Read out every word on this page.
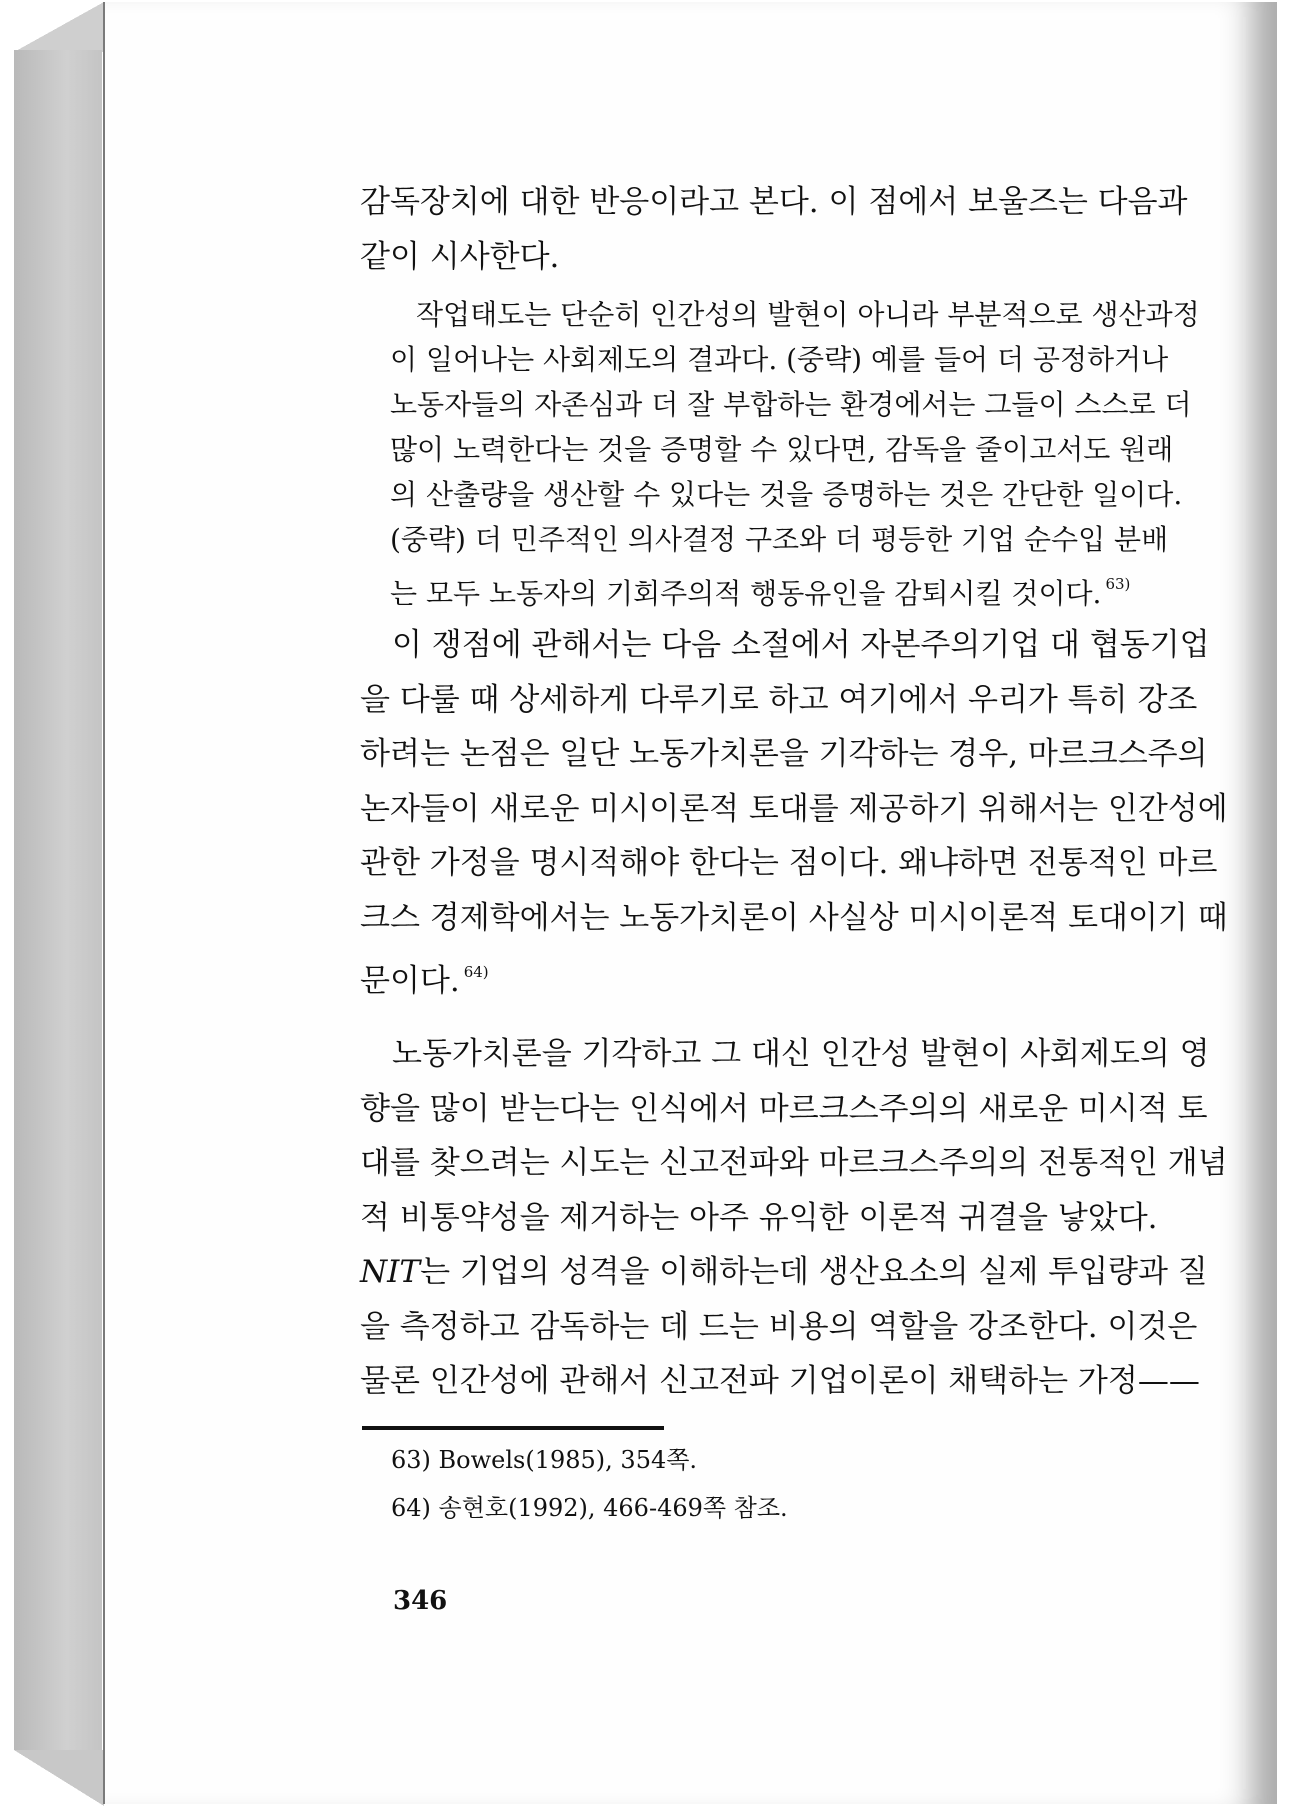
감독장치에 대한 반응이라고 본다. 이 점에서 보울즈는 다음과
같이 시사한다.
작업태도는 단순히 인간성의 발현이 아니라 부분적으로 생산과정
이 일어나는 사회제도의 결과다. (중략) 예를 들어 더 공정하거나
노동자들의 자존심과 더 잘 부합하는 환경에서는 그들이 스스로 더
많이 노력한다는 것을 증명할 수 있다면, 감독을 줄이고서도 원래
의 산출량을 생산할 수 있다는 것을 증명하는 것은 간단한 일이다.
(중략) 더 민주적인 의사결정 구조와 더 평등한 기업 순수입 분배
는 모두 노동자의 기회주의적 행동유인을 감퇴시킬 것이다. $^{63)}$
이 쟁점에 관해서는 다음 소절에서 자본주의기업 대 협동기업
을 다룰 때 상세하게 다루기로 하고 여기에서 우리가 특히 강조
하려는 논점은 일단 노동가치론을 기각하는 경우, 마르크스주의
논자들이 새로운 미시이론적 토대를 제공하기 위해서는 인간성에
관한 가정을 명시적해야 한다는 점이다. 왜냐하면 전통적인 마르
크스 경제학에서는 노동가치론이 사실상 미시이론적 토대이기 때
문이다. $^{64)}$
노동가치론을 기각하고 그 대신 인간성 발현이 사회제도의 영
향을 많이 받는다는 인식에서 마르크스주의의 새로운 미시적 토
대를 찾으려는 시도는 신고전파와 마르크스주의의 전통적인 개념
적 비통약성을 제거하는 아주 유익한 이론적 귀결을 낳았다.
NIT는 기업의 성격을 이해하는데 생산요소의 실제 투입량과 질
을 측정하고 감독하는 데 드는 비용의 역할을 강조한다. 이것은
물론 인간성에 관해서 신고전파 기업이론이 채택하는 가정——
63) Bowels(1985), 354쪽.
64) 송현호(1992), 466-469쪽 참조.
346
